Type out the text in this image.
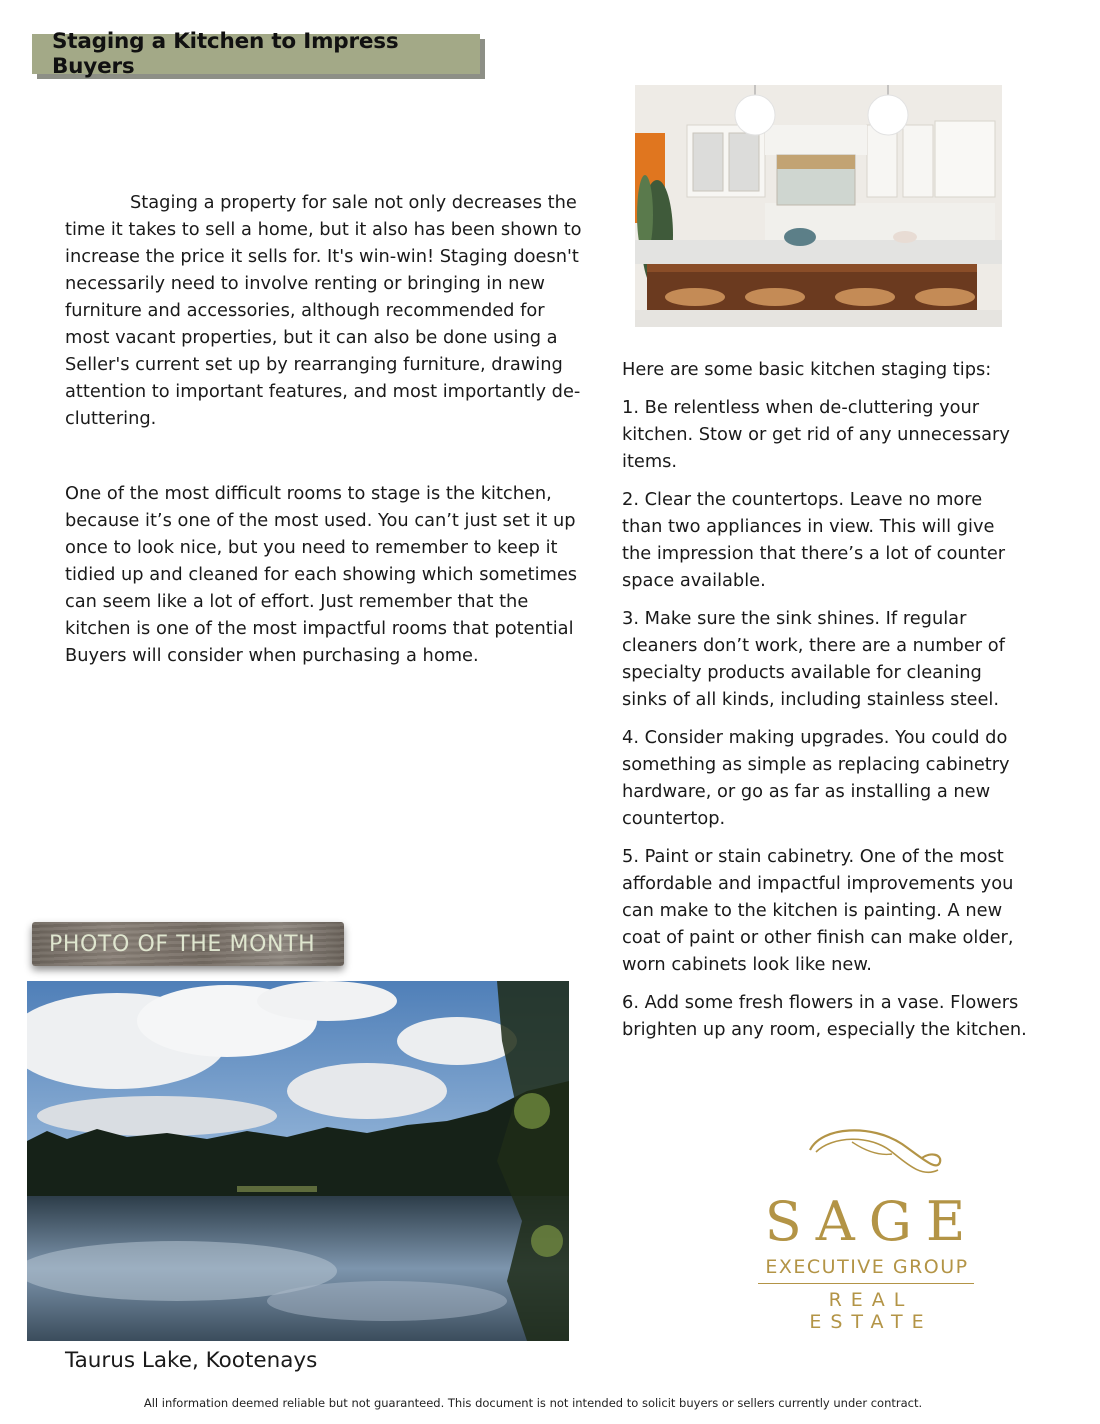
Staging a Kitchen to Impress Buyers

Staging a property for sale not only decreases the time it takes to sell a home, but it also has been shown to increase the price it sells for. It's win-win! Staging doesn't necessarily need to involve renting or bringing in new furniture and accessories, although recommended for most vacant properties, but it can also be done using a Seller's current set up by rearranging furniture, drawing attention to important features, and most importantly de-cluttering.

One of the most difficult rooms to stage is the kitchen, because it’s one of the most used. You can’t just set it up once to look nice, but you need to remember to keep it tidied up and cleaned for each showing which sometimes can seem like a lot of effort. Just remember that the kitchen is one of the most impactful rooms that potential Buyers will consider when purchasing a home.

Here are some basic kitchen staging tips:

1. Be relentless when de-cluttering your kitchen. Stow or get rid of any unnecessary items.

2. Clear the countertops. Leave no more than two appliances in view. This will give the impression that there’s a lot of counter space available.

3. Make sure the sink shines. If regular cleaners don’t work, there are a number of specialty products available for cleaning sinks of all kinds, including stainless steel.

4. Consider making upgrades. You could do something as simple as replacing cabinetry hardware, or go as far as installing a new countertop.

5. Paint or stain cabinetry. One of the most affordable and impactful improvements you can make to the kitchen is painting. A new coat of paint or other finish can make older, worn cabinets look like new.

6. Add some fresh flowers in a vase. Flowers brighten up any room, especially the kitchen.

PHOTO OF THE MONTH

Taurus Lake, Kootenays

SAGE

EXECUTIVE GROUP
REAL ESTATE

All information deemed reliable but not guaranteed. This document is not intended to solicit buyers or sellers currently under contract.
